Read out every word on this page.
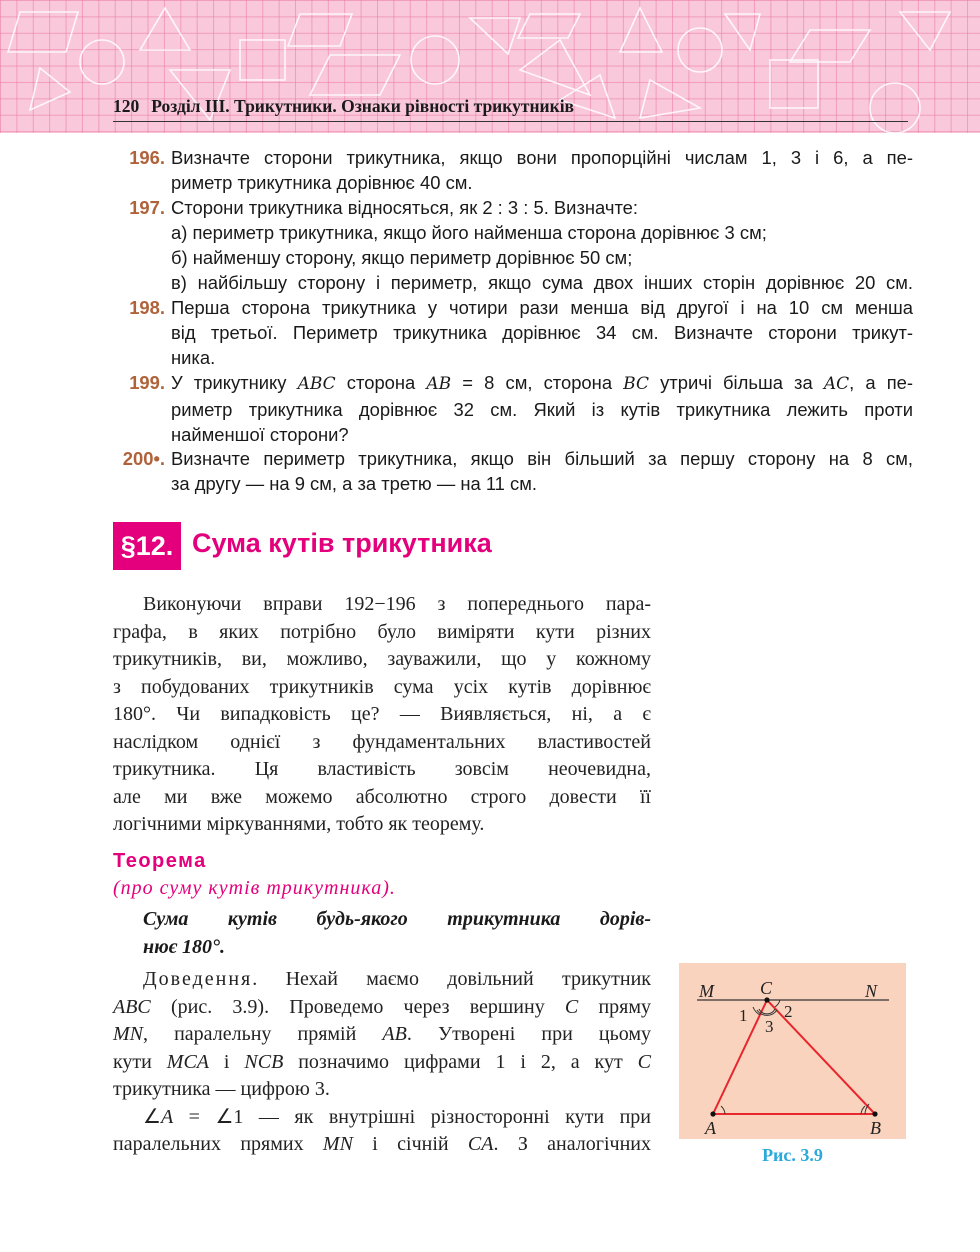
120 Розділ ІІІ. Трикутники. Ознаки рівності трикутників
196. Визначте сторони трикутника, якщо вони пропорційні числам 1, 3 і 6, а пе-
риметр трикутника дорівнює 40 см.
197. Сторони трикутника відносяться, як 2 : 3 : 5. Визначте:
а) периметр трикутника, якщо його найменша сторона дорівнює 3 см;
б) найменшу сторону, якщо периметр дорівнює 50 см;
в) найбільшу сторону і периметр, якщо сума двох інших сторін дорівнює 20 см.
198. Перша сторона трикутника у чотири рази менша від другої і на 10 см менша
від третьої. Периметр трикутника дорівнює 34 см. Визначте сторони трикут-
ника.
199. У трикутнику ABC сторона AB = 8 см, сторона BC утричі більша за AC, а пе-
риметр трикутника дорівнює 32 см. Який із кутів трикутника лежить проти
найменшої сторони?
200•. Визначте периметр трикутника, якщо він більший за першу сторону на 8 см,
за другу — на 9 см, а за третю — на 11 см.
§12. Сума кутів трикутника
Виконуючи вправи 192−196 з попереднього пара-
графа, в яких потрібно було виміряти кути різних
трикутників, ви, можливо, зауважили, що у кожному
з побудованих трикутників сума усіх кутів дорівнює
180°. Чи випадковість це? — Виявляється, ні, а є
наслідком однієї з фундаментальних властивостей
трикутника. Ця властивість зовсім неочевидна,
але ми вже можемо абсолютно строго довести її
логічними міркуваннями, тобто як теорему.
Теорема
(про суму кутів трикутника).
Сума кутів будь-якого трикутника дорів-
нює 180°.
Доведення. Нехай маємо довільний трикутник
ABC (рис. 3.9). Проведемо через вершину C пряму
MN, паралельну прямій AB. Утворені при цьому
кути MCA і NCB позначимо цифрами 1 і 2, а кут C
трикутника — цифрою 3.
∠A = ∠1 — як внутрішні різносторонні кути при
паралельних прямих MN і січній CA. З аналогічних
M	C	N
A	B
1 2
3
Рис. 3.9
